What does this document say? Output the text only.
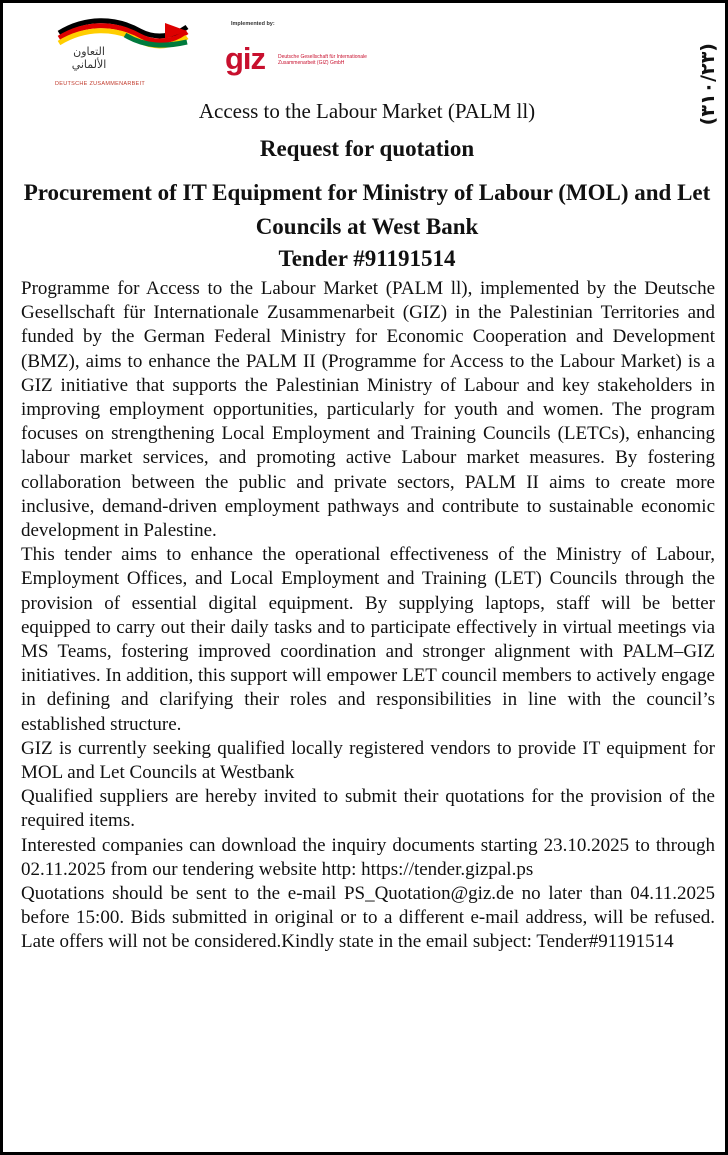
التعاون الألماني
DEUTSCHE ZUSAMMENARBEIT
Implemented by:
giz	Deutsche Gesellschaft für Internationale Zusammenarbeit (GIZ) GmbH
(٣١٠/٢٣)
Access to the Labour Market (PALM ll)
Request for quotation
Procurement of IT Equipment for Ministry of Labour (MOL) and Let Councils at West Bank
Tender #91191514

Programme for Access to the Labour Market (PALM ll), implemented by the Deutsche Gesellschaft für Internationale Zusammenarbeit (GIZ) in the Palestinian Territories and funded by the German Federal Ministry for Economic Cooperation and Development (BMZ), aims to enhance the PALM II (Programme for Access to the Labour Market) is a GIZ initiative that supports the Palestinian Ministry of Labour and key stakeholders in improving employment opportunities, particularly for youth and women. The program focuses on strengthening Local Employment and Training Councils (LETCs), enhancing labour market services, and promoting active Labour market measures. By fostering collaboration between the public and private sectors, PALM II aims to create more inclusive, demand-driven employment pathways and contribute to sustainable economic development in Palestine.

This tender aims to enhance the operational effectiveness of the Ministry of Labour, Employment Offices, and Local Employment and Training (LET) Councils through the provision of essential digital equipment. By supplying laptops, staff will be better equipped to carry out their daily tasks and to participate effectively in virtual meetings via MS Teams, fostering improved coordination and stronger alignment with PALM–GIZ initiatives. In addition, this support will empower LET council members to actively engage in defining and clarifying their roles and responsibilities in line with the council’s established structure.

GIZ is currently seeking qualified locally registered vendors to provide IT equipment for MOL and Let Councils at Westbank

Qualified suppliers are hereby invited to submit their quotations for the provision of the required items.

Interested companies can download the inquiry documents starting 23.10.2025 to through 02.11.2025 from our tendering website http: https://tender.gizpal.ps

Quotations should be sent to the e-mail PS_Quotation@giz.de no later than 04.11.2025 before 15:00. Bids submitted in original or to a different e-mail address, will be refused. Late offers will not be considered.Kindly state in the email subject: Tender#91191514
